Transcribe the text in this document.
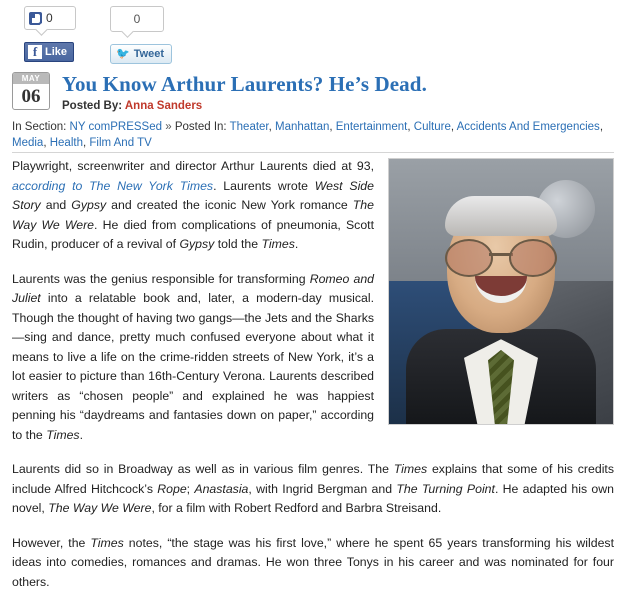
0
f Like
0
🐦 Tweet
MAY
06
You Know Arthur Laurents? He’s Dead.
Posted By: Anna Sanders
In Section: NY comPRESSed » Posted In: Theater, Manhattan, Entertainment, Culture, Accidents And Emergencies, Media, Health, Film And TV

Playwright, screenwriter and director Arthur Laurents died at 93, according to The New York Times. Laurents wrote West Side Story and Gypsy and created the iconic New York romance The Way We Were. He died from complications of pneumonia, Scott Rudin, producer of a revival of Gypsy told the Times.

Laurents was the genius responsible for transforming Romeo and Juliet into a relatable book and, later, a modern-day musical. Though the thought of having two gangs—the Jets and the Sharks—sing and dance, pretty much confused everyone about what it means to live a life on the crime-ridden streets of New York, it’s a lot easier to picture than 16th-Century Verona. Laurents described writers as “chosen people” and explained he was happiest penning his “daydreams and fantasies down on paper,” according to the Times.

Laurents did so in Broadway as well as in various film genres. The Times explains that some of his credits include Alfred Hitchcock’s Rope; Anastasia, with Ingrid Bergman and The Turning Point. He adapted his own novel, The Way We Were, for a film with Robert Redford and Barbra Streisand.

However, the Times notes, “the stage was his first love,” where he spent 65 years transforming his wildest ideas into comedies, romances and dramas. He won three Tonys in his career and was nominated for four others.
